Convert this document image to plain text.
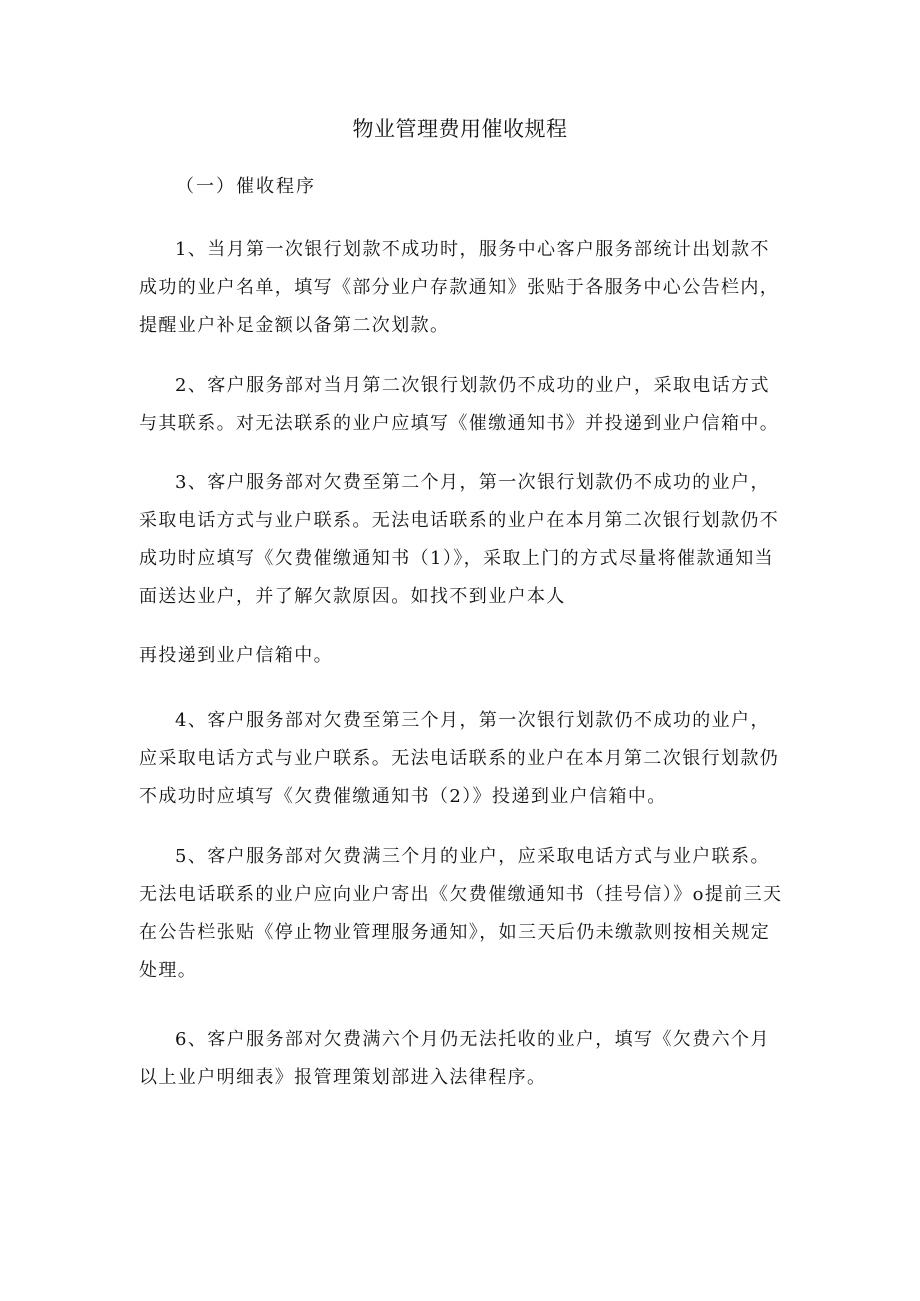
物业管理费用催收规程
（一）催收程序

1、当月第一次银行划款不成功时，服务中心客户服务部统计出划款不成功的业户名单，填写《部分业户存款通知》张贴于各服务中心公告栏内，提醒业户补足金额以备第二次划款。

2、客户服务部对当月第二次银行划款仍不成功的业户，采取电话方式与其联系。对无法联系的业户应填写《催缴通知书》并投递到业户信箱中。

3、客户服务部对欠费至第二个月，第一次银行划款仍不成功的业户，采取电话方式与业户联系。无法电话联系的业户在本月第二次银行划款仍不成功时应填写《欠费催缴通知书（1）》，采取上门的方式尽量将催款通知当面送达业户，并了解欠款原因。如找不到业户本人

再投递到业户信箱中。

4、客户服务部对欠费至第三个月，第一次银行划款仍不成功的业户，应采取电话方式与业户联系。无法电话联系的业户在本月第二次银行划款仍不成功时应填写《欠费催缴通知书（2）》投递到业户信箱中。

5、客户服务部对欠费满三个月的业户，应采取电话方式与业户联系。无法电话联系的业户应向业户寄出《欠费催缴通知书（挂号信）》o提前三天在公告栏张贴《停止物业管理服务通知》，如三天后仍未缴款则按相关规定处理。

6、客户服务部对欠费满六个月仍无法托收的业户，填写《欠费六个月以上业户明细表》报管理策划部进入法律程序。
